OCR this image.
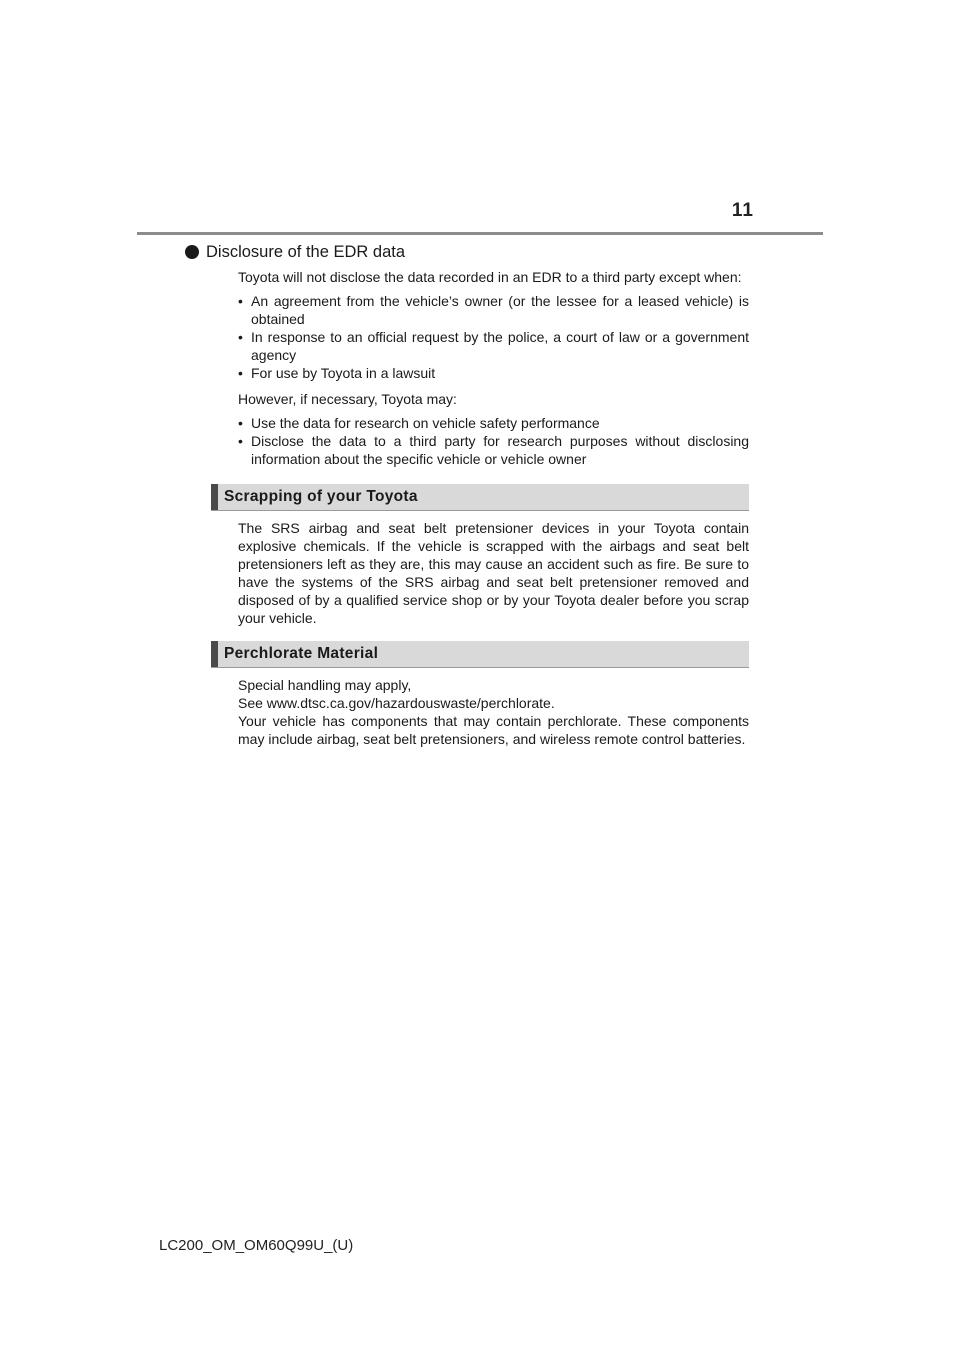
11
Disclosure of the EDR data

Toyota will not disclose the data recorded in an EDR to a third party except when:

• An agreement from the vehicle’s owner (or the lessee for a leased vehicle) is obtained
• In response to an official request by the police, a court of law or a government agency
• For use by Toyota in a lawsuit

However, if necessary, Toyota may:

• Use the data for research on vehicle safety performance
• Disclose the data to a third party for research purposes without disclosing information about the specific vehicle or vehicle owner
Scrapping of your Toyota
The SRS airbag and seat belt pretensioner devices in your Toyota contain explosive chemicals. If the vehicle is scrapped with the airbags and seat belt pretensioners left as they are, this may cause an accident such as fire. Be sure to have the systems of the SRS airbag and seat belt pretensioner removed and disposed of by a qualified service shop or by your Toyota dealer before you scrap your vehicle.
Perchlorate Material
Special handling may apply,
See www.dtsc.ca.gov/hazardouswaste/perchlorate.
Your vehicle has components that may contain perchlorate. These components may include airbag, seat belt pretensioners, and wireless remote control batteries.
LC200_OM_OM60Q99U_(U)
